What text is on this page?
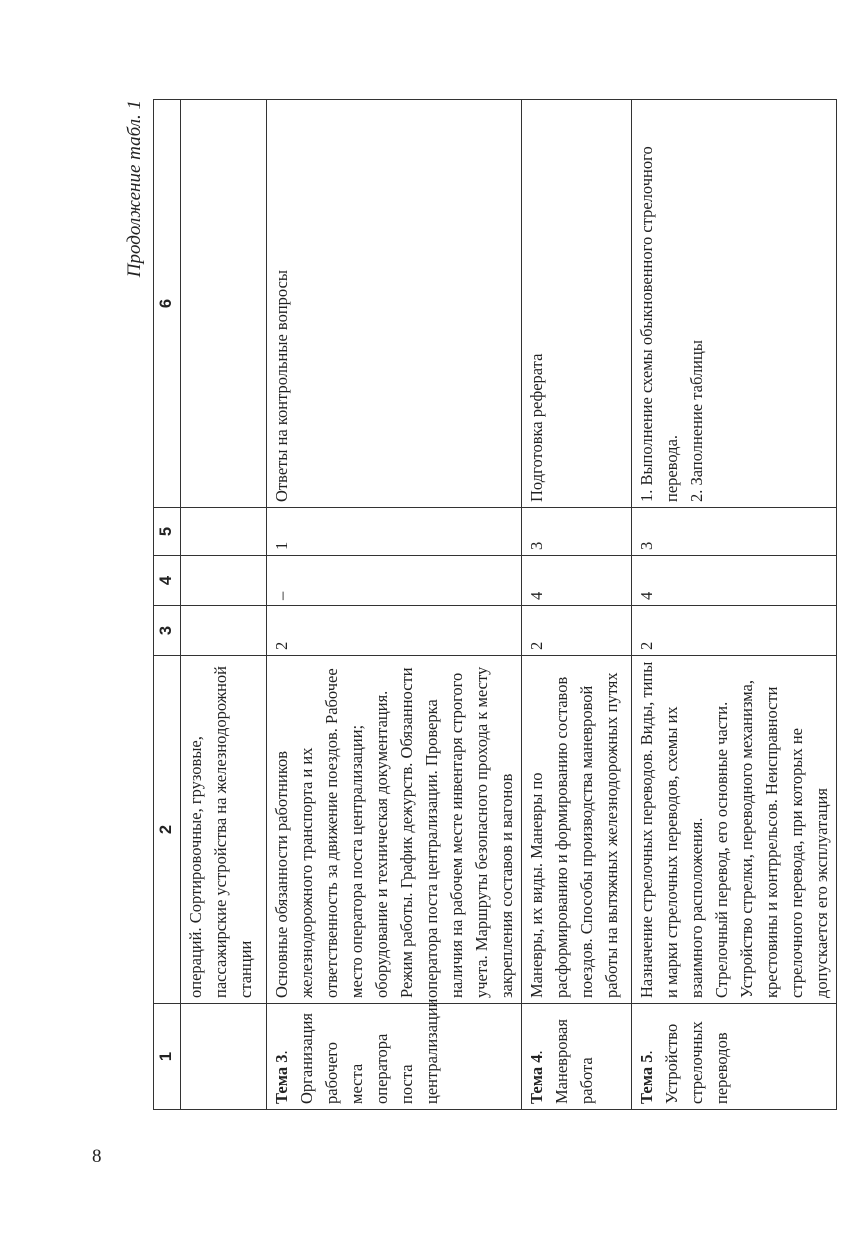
8
Продолжение табл. 1
1	2	3	4	5	6
	операций. Сортировочные, грузовые, пассажирские устройства на железнодорожной станции				
Тема 3. Организация рабочего места оператора поста централизации	Основные обязанности работников железнодорожного транспорта и их ответственность за движение поездов. Рабочее место оператора поста централизации; оборудование и техническая документация. Режим работы. График дежурств. Обязанности оператора поста централизации. Проверка наличия на рабочем месте инвентаря строгого учета. Маршруты безопасного прохода к месту закрепления составов и вагонов	2	–	1	Ответы на контрольные вопросы
Тема 4. Маневровая работа	Маневры, их виды. Маневры по расформированию и формированию составов поездов. Способы производства маневровой работы на вытяжных железнодорожных путях	2	4	3	Подготовка реферата
Тема 5. Устройство стрелочных переводов	Назначение стрелочных переводов. Виды, типы и марки стрелочных переводов, схемы их взаимного расположения.
Стрелочный перевод, его основные части.
Устройство стрелки, переводного механизма, крестовины и контррельсов. Неисправности стрелочного перевода, при которых не допускается его эксплуатация	2	4	3	1. Выполнение схемы обыкновенного стрелочного перевода.
2. Заполнение таблицы
